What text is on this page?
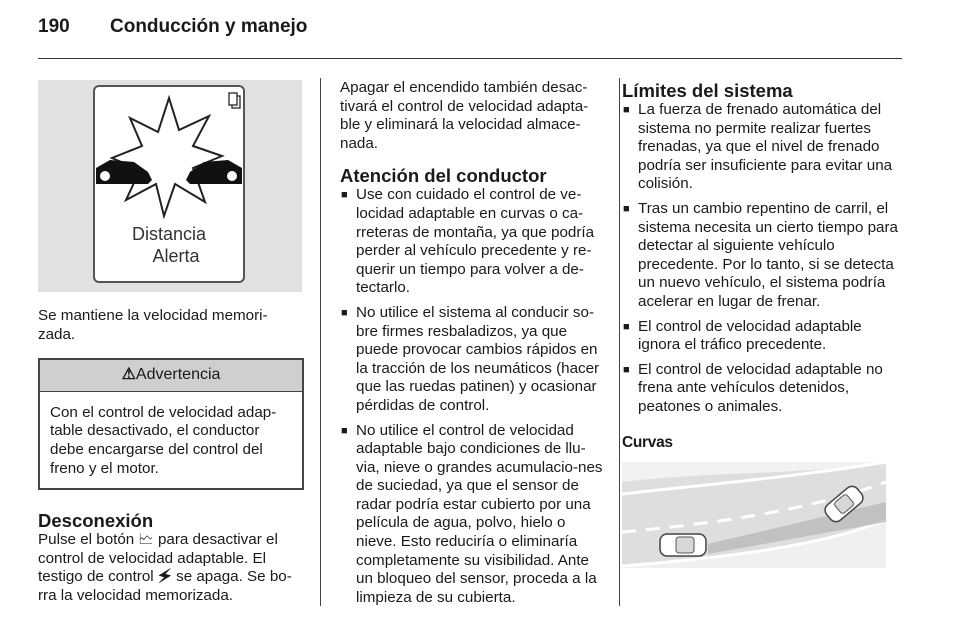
190 Conducción y manejo
Distancia
Alerta

Se mantiene la velocidad memori-zada.

⚠Advertencia
Con el control de velocidad adap-table desactivado, el conductor debe encargarse del control del freno y el motor.
Desconexión

Pulse el botón 🗠 para desactivar el control de velocidad adaptable. El testigo de control 🗲 se apaga. Se bo-rra la velocidad memorizada.

Apagar el encendido también desac-tivará el control de velocidad adapta-ble y eliminará la velocidad almace-nada.

Atención del conductor
■ Use con cuidado el control de ve-locidad adaptable en curvas o ca-rreteras de montaña, ya que podría perder al vehículo precedente y re-querir un tiempo para volver a de-tectarlo.
■ No utilice el sistema al conducir so-bre firmes resbaladizos, ya que puede provocar cambios rápidos en la tracción de los neumáticos (hacer que las ruedas patinen) y ocasionar pérdidas de control.
■ No utilice el control de velocidad adaptable bajo condiciones de llu-via, nieve o grandes acumulacio-nes de suciedad, ya que el sensor de radar podría estar cubierto por una película de agua, polvo, hielo o nieve. Esto reduciría o eliminaría completamente su visibilidad. Ante un bloqueo del sensor, proceda a la limpieza de su cubierta.
Límites del sistema
■ La fuerza de frenado automática del sistema no permite realizar fuertes frenadas, ya que el nivel de frenado podría ser insuficiente para evitar una colisión.
■ Tras un cambio repentino de carril, el sistema necesita un cierto tiempo para detectar al siguiente vehículo precedente. Por lo tanto, si se detecta un nuevo vehículo, el sistema podría acelerar en lugar de frenar.
■ El control de velocidad adaptable ignora el tráfico precedente.
■ El control de velocidad adaptable no frena ante vehículos detenidos, peatones o animales.
Curvas
